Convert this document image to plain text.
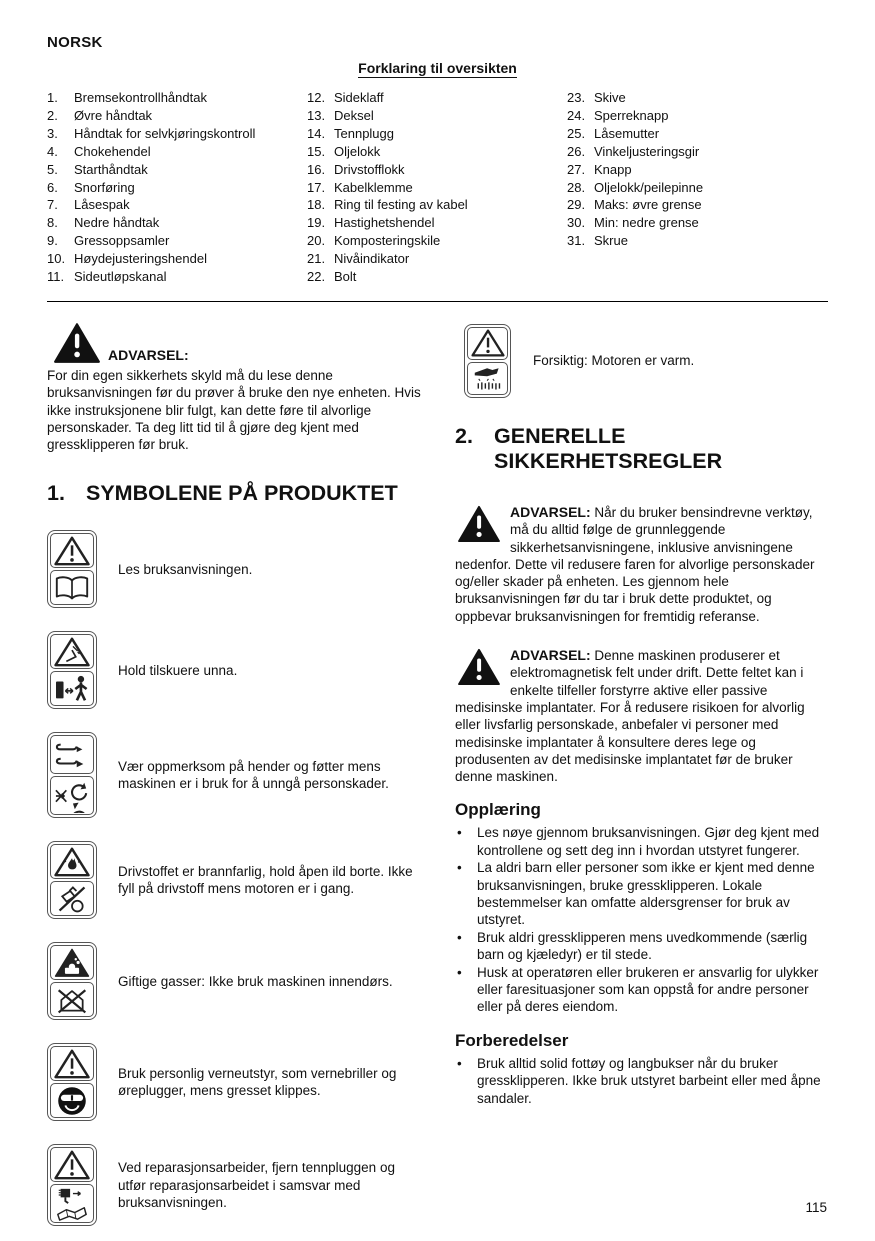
NORSK
Forklaring til oversikten
1.	Bremsekontrollhåndtak
2.	Øvre håndtak
3.	Håndtak for selvkjøringskontroll
4.	Chokehendel
5.	Starthåndtak
6.	Snorføring
7.	Låsespak
8.	Nedre håndtak
9.	Gressoppsamler
10. Høydejusteringshendel
11. Sideutløpskanal
12. Sideklaff
13. Deksel
14. Tennplugg
15. Oljelokk
16. Drivstofflokk
17. Kabelklemme
18. Ring til festing av kabel
19. Hastighetshendel
20. Komposteringskile
21. Nivåindikator
22. Bolt
23. Skive
24. Sperreknapp
25. Låsemutter
26. Vinkeljusteringsgir
27. Knapp
28. Oljelokk/peilepinne
29. Maks: øvre grense
30. Min: nedre grense
31. Skrue
ADVARSEL:

For din egen sikkerhets skyld må du lese denne bruksanvisningen før du prøver å bruke den nye enheten. Hvis ikke instruksjonene blir fulgt, kan dette føre til alvorlige personskader. Ta deg litt tid til å gjøre deg kjent med gressklipperen før bruk.

1. SYMBOLENE PÅ PRODUKTET
Les bruksanvisningen.
Hold tilskuere unna.
Vær oppmerksom på hender og føtter mens maskinen er i bruk for å unngå personskader.
Drivstoffet er brannfarlig, hold åpen ild borte. Ikke fyll på drivstoff mens motoren er i gang.
Giftige gasser: Ikke bruk maskinen innendørs.
Bruk personlig verneutstyr, som vernebriller og øreplugger, mens gresset klippes.
Ved reparasjonsarbeider, fjern tennpluggen og utfør reparasjonsarbeidet i samsvar med bruksanvisningen.
Forsiktig: Motoren er varm.
2. GENERELLE SIKKERHETSREGLER

ADVARSEL: Når du bruker bensindrevne verktøy, må du alltid følge de grunnleggende sikkerhetsanvisningene, inklusive anvisningene nedenfor. Dette vil redusere faren for alvorlige personskader og/eller skader på enheten. Les gjennom hele bruksanvisningen før du tar i bruk dette produktet, og oppbevar bruksanvisningen for fremtidig referanse.

ADVARSEL: Denne maskinen produserer et elektromagnetisk felt under drift. Dette feltet kan i enkelte tilfeller forstyrre aktive eller passive medisinske implantater. For å redusere risikoen for alvorlig eller livsfarlig personskade, anbefaler vi personer med medisinske implantater å konsultere deres lege og produsenten av det medisinske implantatet før de bruker denne maskinen.

Opplæring
•	Les nøye gjennom bruksanvisningen. Gjør deg kjent med kontrollene og sett deg inn i hvordan utstyret fungerer.
•	La aldri barn eller personer som ikke er kjent med denne bruksanvisningen, bruke gressklipperen. Lokale bestemmelser kan omfatte aldersgrenser for bruk av utstyret.
•	Bruk aldri gressklipperen mens uvedkommende (særlig barn og kjæledyr) er til stede.
•	Husk at operatøren eller brukeren er ansvarlig for ulykker eller faresituasjoner som kan oppstå for andre personer eller på deres eiendom.
Forberedelser
•	Bruk alltid solid fottøy og langbukser når du bruker gressklipperen. Ikke bruk utstyret barbeint eller med åpne sandaler.
115
